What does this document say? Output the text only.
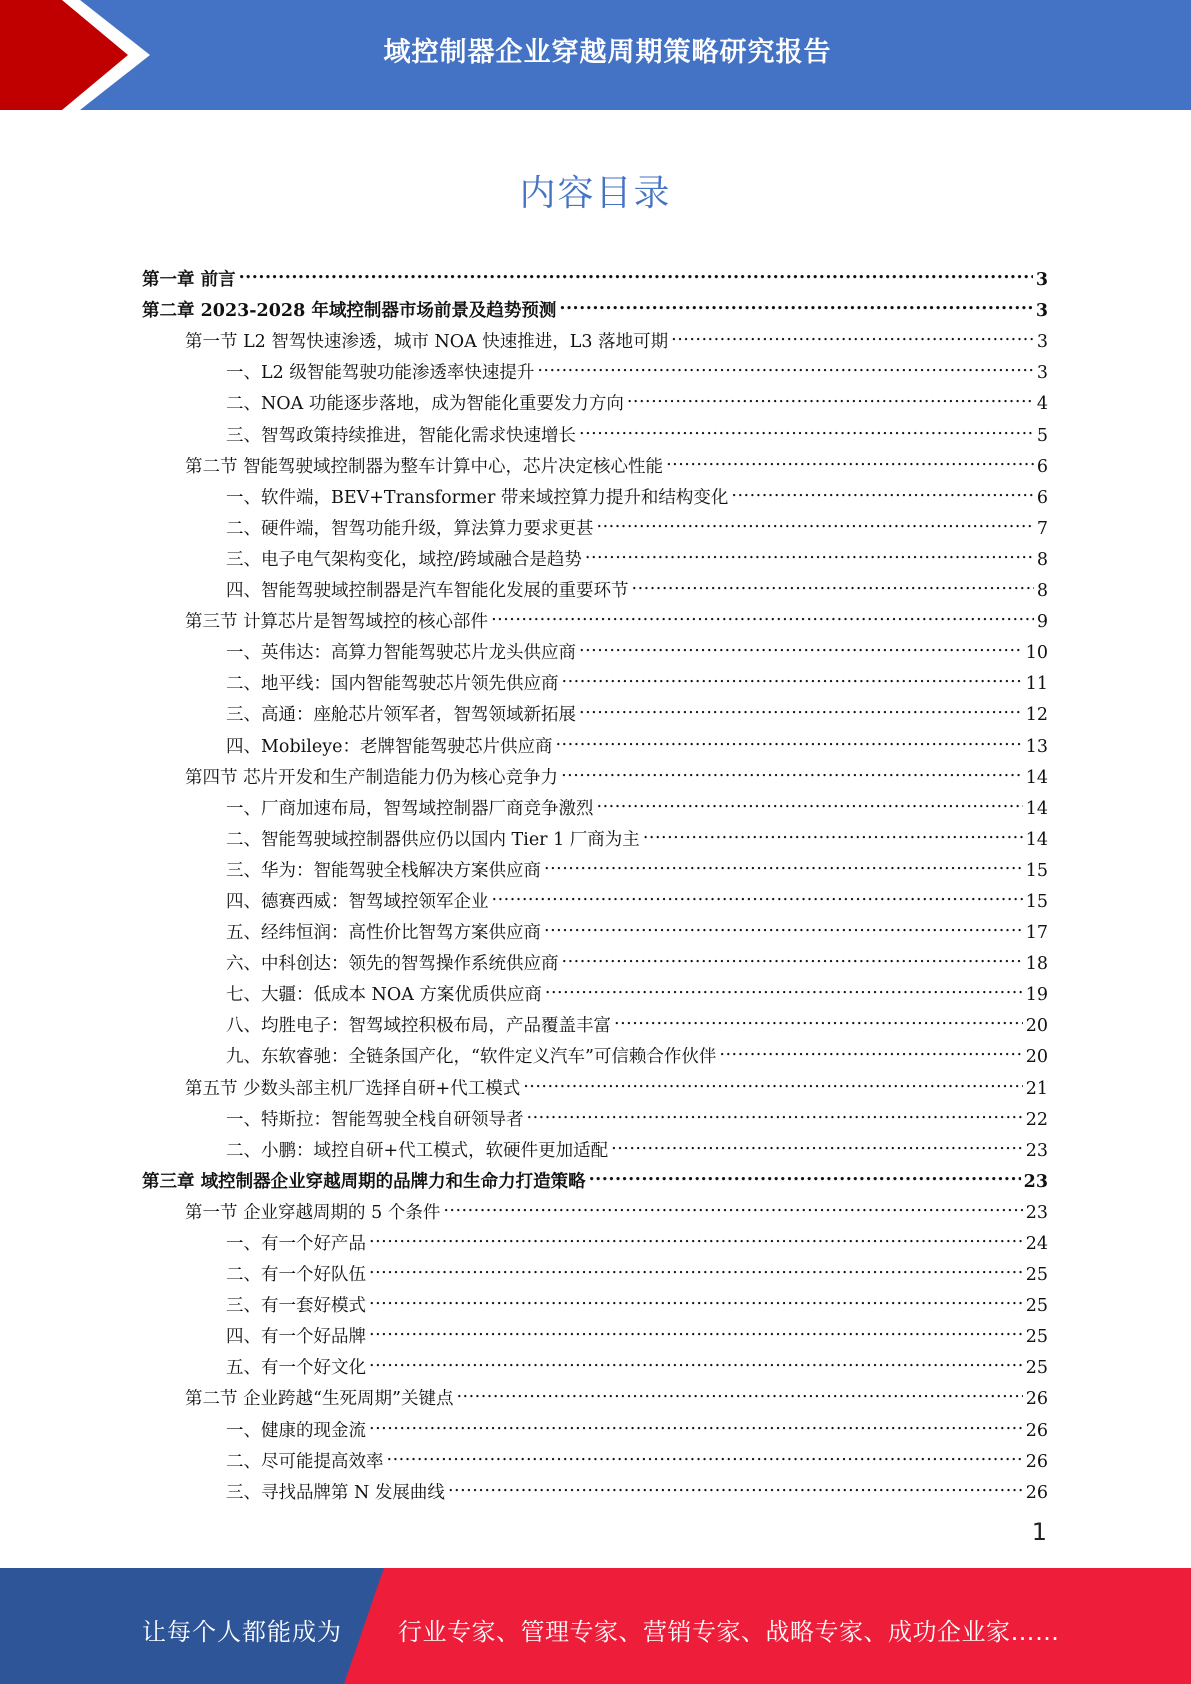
域控制器企业穿越周期策略研究报告
内容目录
第一章 前言 .....	3
第二章 2023-2028 年域控制器市场前景及趋势预测 .....	3
第一节 L2 智驾快速渗透，城市 NOA 快速推进，L3 落地可期 .....	3
一、L2 级智能驾驶功能渗透率快速提升 .....	3
二、NOA 功能逐步落地，成为智能化重要发力方向 .....	4
三、智驾政策持续推进，智能化需求快速增长 .....	5
第二节 智能驾驶域控制器为整车计算中心，芯片决定核心性能 .....	6
一、软件端，BEV+Transformer 带来域控算力提升和结构变化 .....	6
二、硬件端，智驾功能升级，算法算力要求更甚 .....	7
三、电子电气架构变化，域控/跨域融合是趋势 .....	8
四、智能驾驶域控制器是汽车智能化发展的重要环节 .....	8
第三节 计算芯片是智驾域控的核心部件 .....	9
一、英伟达：高算力智能驾驶芯片龙头供应商 .....	10
二、地平线：国内智能驾驶芯片领先供应商 .....	11
三、高通：座舱芯片领军者，智驾领域新拓展 .....	12
四、Mobileye：老牌智能驾驶芯片供应商 .....	13
第四节 芯片开发和生产制造能力仍为核心竞争力 .....	14
一、厂商加速布局，智驾域控制器厂商竞争激烈 .....	14
二、智能驾驶域控制器供应仍以国内 Tier 1 厂商为主 .....	14
三、华为：智能驾驶全栈解决方案供应商 .....	15
四、德赛西威：智驾域控领军企业 .....	15
五、经纬恒润：高性价比智驾方案供应商 .....	17
六、中科创达：领先的智驾操作系统供应商 .....	18
七、大疆：低成本 NOA 方案优质供应商 .....	19
八、均胜电子：智驾域控积极布局，产品覆盖丰富 .....	20
九、东软睿驰：全链条国产化，“软件定义汽车”可信赖合作伙伴 .....	20
第五节 少数头部主机厂选择自研+代工模式 .....	21
一、特斯拉：智能驾驶全栈自研领导者 .....	22
二、小鹏：域控自研+代工模式，软硬件更加适配 .....	23
第三章 域控制器企业穿越周期的品牌力和生命力打造策略 .....	23
第一节 企业穿越周期的 5 个条件 .....	23
一、有一个好产品 .....	24
二、有一个好队伍 .....	25
三、有一套好模式 .....	25
四、有一个好品牌 .....	25
五、有一个好文化 .....	25
第二节 企业跨越“生死周期”关键点 .....	26
一、健康的现金流 .....	26
二、尽可能提高效率 .....	26
三、寻找品牌第 N 发展曲线 .....	26
1
让每个人都能成为 行业专家、管理专家、营销专家、战略专家、成功企业家……
